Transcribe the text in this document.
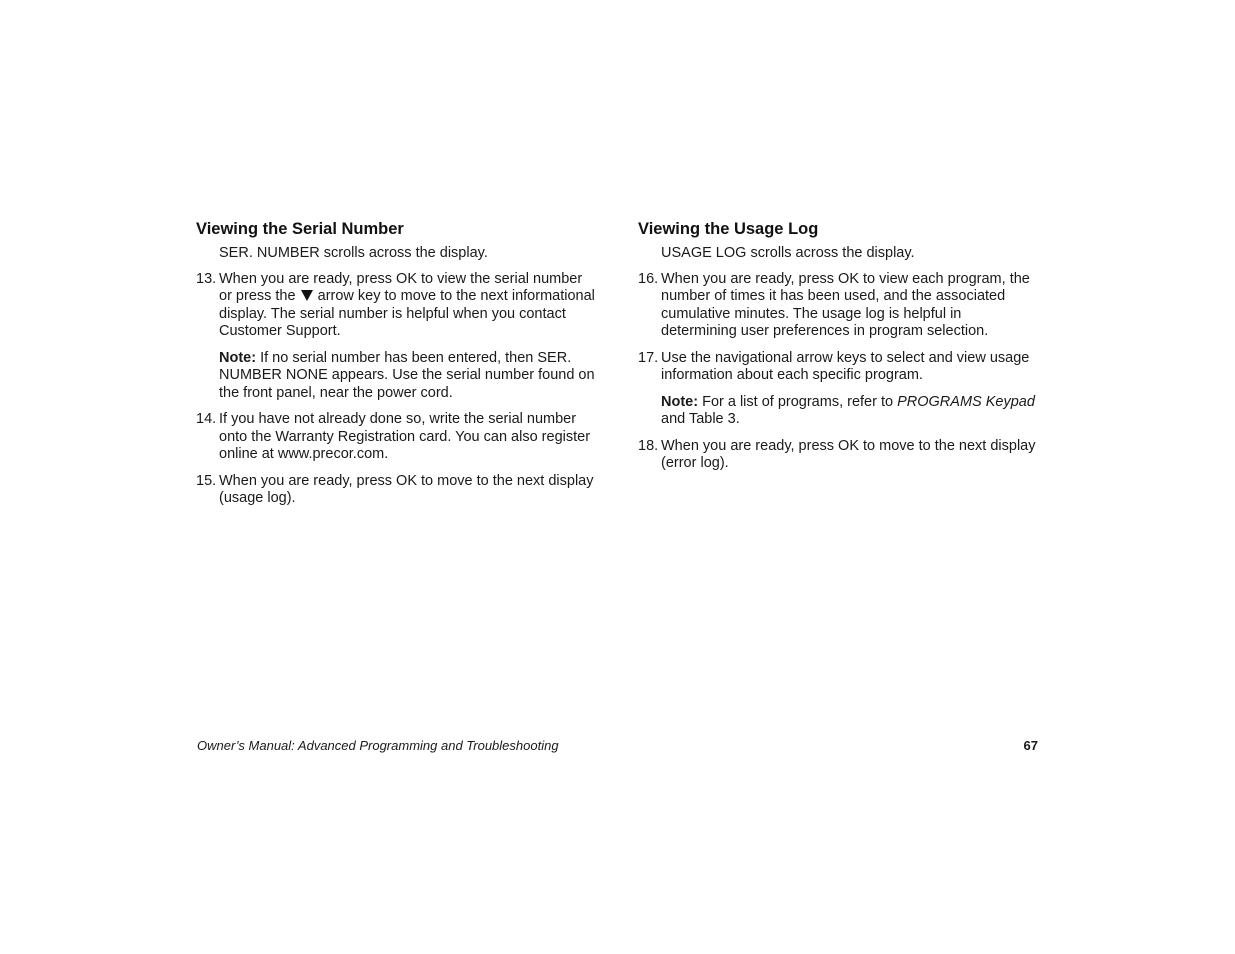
Viewing the Serial Number

SER. NUMBER scrolls across the display.

13. When you are ready, press OK to view the serial number or press the arrow key to move to the next informational display. The serial number is helpful when you contact Customer Support.

Note: If no serial number has been entered, then SER. NUMBER NONE appears. Use the serial number found on the front panel, near the power cord.

14. If you have not already done so, write the serial number onto the Warranty Registration card. You can also register online at www.precor.com.
15. When you are ready, press OK to move to the next display (usage log).
Viewing the Usage Log

USAGE LOG scrolls across the display.

16. When you are ready, press OK to view each program, the number of times it has been used, and the associated cumulative minutes. The usage log is helpful in determining user preferences in program selection.
17. Use the navigational arrow keys to select and view usage information about each specific program.

Note: For a list of programs, refer to PROGRAMS Keypad and Table 3.

18. When you are ready, press OK to move to the next display (error log).
Owner’s Manual: Advanced Programming and Troubleshooting	67
